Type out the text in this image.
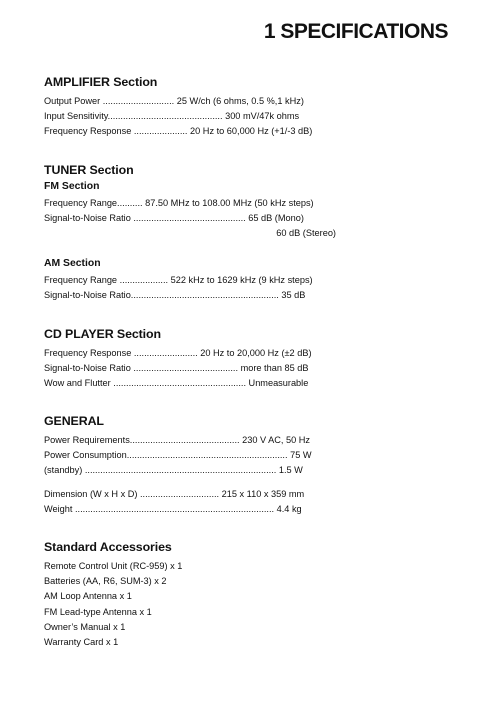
1 SPECIFICATIONS
AMPLIFIER Section
Output Power ............................ 25 W/ch (6 ohms, 0.5 %,1 kHz)
Input Sensitivity............................................. 300 mV/47k ohms
Frequency Response ..................... 20 Hz to 60,000 Hz (+1/-3 dB)
TUNER Section
FM Section
Frequency Range.......... 87.50 MHz to 108.00 MHz (50 kHz steps)
Signal-to-Noise Ratio ............................................ 65 dB (Mono)
60 dB (Stereo)
AM Section
Frequency Range ................... 522 kHz to 1629 kHz (9 kHz steps)
Signal-to-Noise Ratio.......................................................... 35 dB
CD PLAYER Section
Frequency Response ......................... 20 Hz to 20,000 Hz (±2 dB)
Signal-to-Noise Ratio ......................................... more than 85 dB
Wow and Flutter .................................................... Unmeasurable
GENERAL
Power Requirements........................................... 230 V AC, 50 Hz
Power Consumption............................................................... 75 W
(standby) ........................................................................... 1.5 W
Dimension (W x H x D) ............................... 215 x 110 x 359 mm
Weight .............................................................................. 4.4 kg
Standard Accessories
Remote Control Unit (RC-959) x 1
Batteries (AA, R6, SUM-3) x 2
AM Loop Antenna x 1
FM Lead-type Antenna x 1
Owner’s Manual x 1
Warranty Card x 1
